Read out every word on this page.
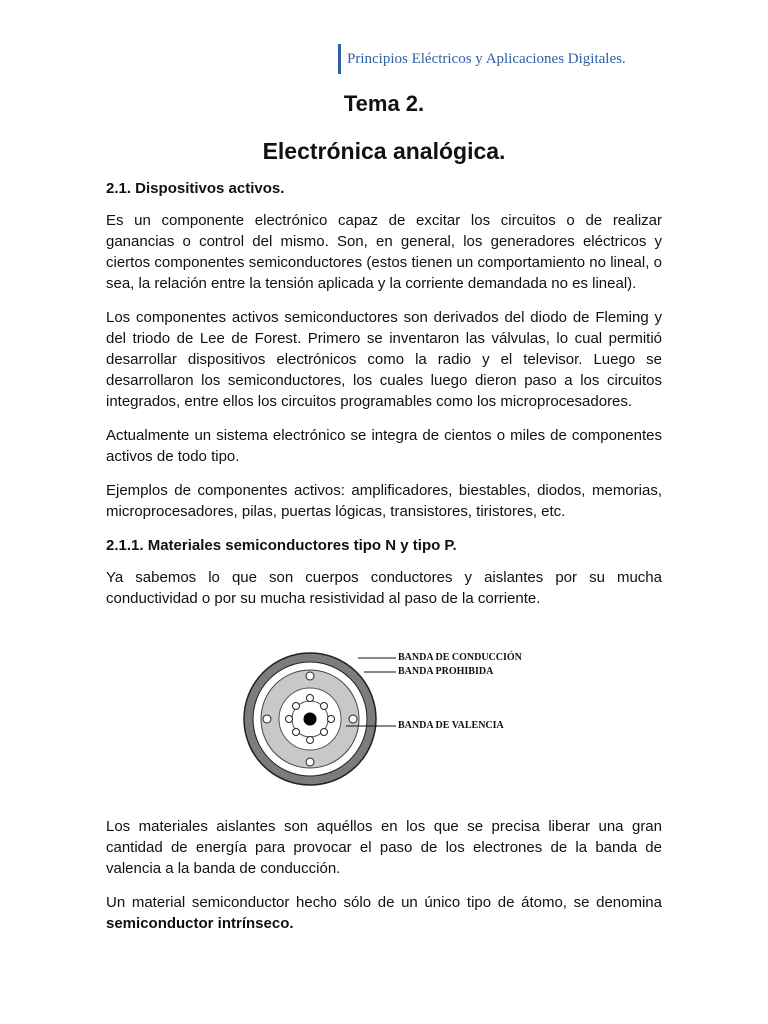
Principios Eléctricos y Aplicaciones Digitales.
Tema 2.
Electrónica analógica.
2.1. Dispositivos activos.

Es un componente electrónico capaz de excitar los circuitos o de realizar ganancias o control del mismo. Son, en general, los generadores eléctricos y ciertos componentes semiconductores (estos tienen un comportamiento no lineal, o sea, la relación entre la tensión aplicada y la corriente demandada no es lineal).

Los componentes activos semiconductores son derivados del diodo de Fleming y del triodo de Lee de Forest. Primero se inventaron las válvulas, lo cual permitió desarrollar dispositivos electrónicos como la radio y el televisor. Luego se desarrollaron los semiconductores, los cuales luego dieron paso a los circuitos integrados, entre ellos los circuitos programables como los microprocesadores.

Actualmente un sistema electrónico se integra de cientos o miles de componentes activos de todo tipo.

Ejemplos de componentes activos: amplificadores, biestables, diodos, memorias, microprocesadores, pilas, puertas lógicas, transistores, tiristores, etc.

2.1.1. Materiales semiconductores tipo N y tipo P.

Ya sabemos lo que son cuerpos conductores y aislantes por su mucha conductividad o por su mucha resistividad al paso de la corriente.

BANDA DE CONDUCCIÓN
BANDA PROHIBIDA
BANDA DE VALENCIA

Los materiales aislantes son aquéllos en los que se precisa liberar una gran cantidad de energía para provocar el paso de los electrones de la banda de valencia a la banda de conducción.

Un material semiconductor hecho sólo de un único tipo de átomo, se denomina semiconductor intrínseco.
